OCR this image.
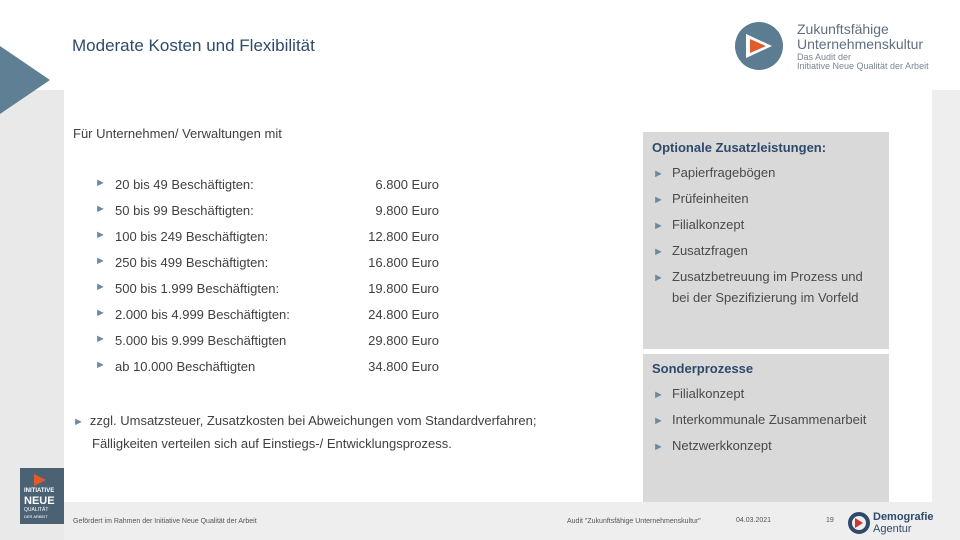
Moderate Kosten und Flexibilität
Zukunftsfähige
Unternehmenskultur
Das Audit der
Initiative Neue Qualität der Arbeit
Für Unternehmen/ Verwaltungen mit
► 20 bis 49 Beschäftigten:	6.800 Euro
► 50 bis 99 Beschäftigten:	9.800 Euro
► 100 bis 249 Beschäftigten:	12.800 Euro
► 250 bis 499 Beschäftigten:	16.800 Euro
► 500 bis 1.999 Beschäftigten:	19.800 Euro
► 2.000 bis 4.999 Beschäftigten:	24.800 Euro
► 5.000 bis 9.999 Beschäftigten	29.800 Euro
► ab 10.000 Beschäftigten	34.800 Euro
► zzgl. Umsatzsteuer, Zusatzkosten bei Abweichungen vom Standardverfahren;
Fälligkeiten verteilen sich auf Einstiegs-/ Entwicklungsprozess.
Optionale Zusatzleistungen:
► Papierfragebögen
► Prüfeinheiten
► Filialkonzept
► Zusatzfragen
► Zusatzbetreuung im Prozess und
bei der Spezifizierung im Vorfeld
Sonderprozesse
► Filialkonzept
► Interkommunale Zusammenarbeit
► Netzwerkkonzept
INITIATIVE
NEUE
QUALITÄT
DER ARBEIT
Gefördert im Rahmen der Initiative Neue Qualität der Arbeit	Audit "Zukunftsfähige Unternehmenskultur"	04.03.2021	19	Demografie
Agentur
